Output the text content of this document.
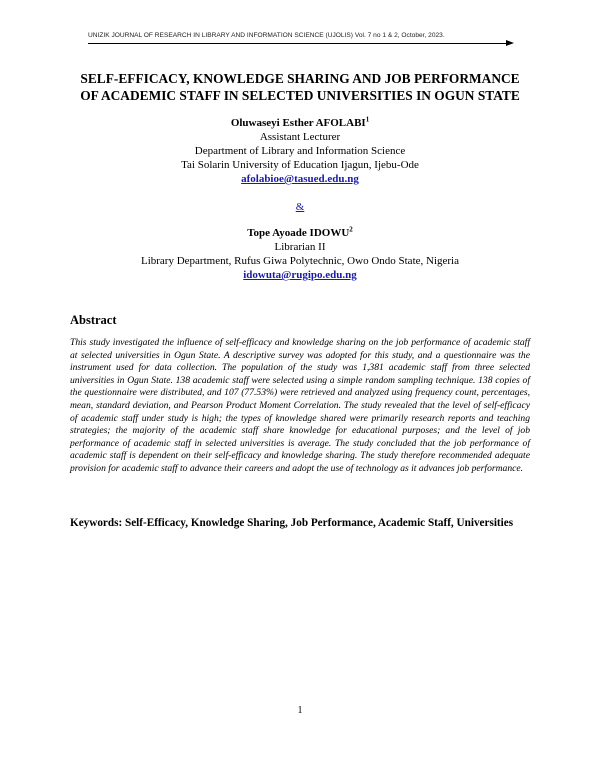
UNIZIK JOURNAL OF RESEARCH IN LIBRARY AND INFORMATION SCIENCE (UJOLIS) Vol. 7 no 1 & 2, October, 2023.
SELF-EFFICACY, KNOWLEDGE SHARING AND JOB PERFORMANCE
OF ACADEMIC STAFF IN SELECTED UNIVERSITIES IN OGUN STATE
Oluwaseyi Esther AFOLABI$^1$
Assistant Lecturer
Department of Library and Information Science
Tai Solarin University of Education Ijagun, Ijebu-Ode
afolabioe@tasued.edu.ng
&
Tope Ayoade IDOWU$^2$
Librarian II
Library Department, Rufus Giwa Polytechnic, Owo Ondo State, Nigeria
idowuta@rugipo.edu.ng
Abstract
This study investigated the influence of self-efficacy and knowledge sharing on the job performance of academic staff at selected universities in Ogun State. A descriptive survey was adopted for this study, and a questionnaire was the instrument used for data collection. The population of the study was 1,381 academic staff from three selected universities in Ogun State. 138 academic staff were selected using a simple random sampling technique. 138 copies of the questionnaire were distributed, and 107 (77.53%) were retrieved and analyzed using frequency count, percentages, mean, standard deviation, and Pearson Product Moment Correlation. The study revealed that the level of self-efficacy of academic staff under study is high; the types of knowledge shared were primarily research reports and teaching strategies; the majority of the academic staff share knowledge for educational purposes; and the level of job performance of academic staff in selected universities is average. The study concluded that the job performance of academic staff is dependent on their self-efficacy and knowledge sharing. The study therefore recommended adequate provision for academic staff to advance their careers and adopt the use of technology as it advances job performance.
Keywords: Self-Efficacy, Knowledge Sharing, Job Performance, Academic Staff, Universities
1
